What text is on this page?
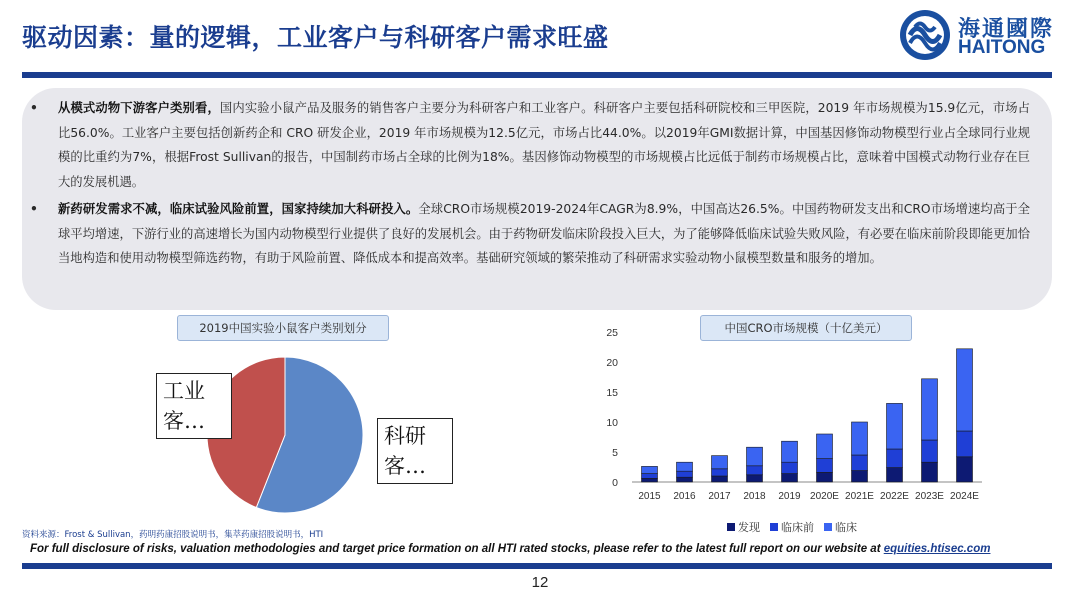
驱动因素：量的逻辑，工业客户与科研客户需求旺盛	海通國際
HAITONG
• 从模式动物下游客户类别看，国内实验小鼠产品及服务的销售客户主要分为科研客户和工业客户。科研客户主要包括科研院校和三甲医院，2019 年市场规模为15.9亿元，市场占比56.0%。工业客户主要包括创新药企和 CRO 研发企业，2019 年市场规模为12.5亿元，市场占比44.0%。以2019年GMI数据计算，中国基因修饰动物模型行业占全球同行业规模的比重约为7%，根据Frost Sullivan的报告，中国制药市场占全球的比例为18%。基因修饰动物模型的市场规模占比远低于制药市场规模占比，意味着中国模式动物行业存在巨大的发展机遇。
• 新药研发需求不减，临床试验风险前置，国家持续加大科研投入。全球CRO市场规模2019-2024年CAGR为8.9%，中国高达26.5%。中国药物研发支出和CRO市场增速均高于全球平均增速，下游行业的高速增长为国内动物模型行业提供了良好的发展机会。由于药物研发临床阶段投入巨大，为了能够降低临床试验失败风险，有必要在临床前阶段即能更加恰当地构造和使用动物模型筛选药物，有助于风险前置、降低成本和提高效率。基础研究领域的繁荣推动了科研需求实验动物小鼠模型数量和服务的增加。
2019中国实验小鼠客户类别划分
工业客…
科研客…
中国CRO市场规模（十亿美元）
0
5
10
15
20
25
2015 2016 2017 2018 2019 2020E 2021E 2022E 2023E 2024E
发现 临床前 临床
资料来源：Frost & Sullivan，药明药康招股说明书，集萃药康招股说明书，HTI
For full disclosure of risks, valuation methodologies and target price formation on all HTI rated stocks, please refer to the latest full report on our website at equities.htisec.com
12
